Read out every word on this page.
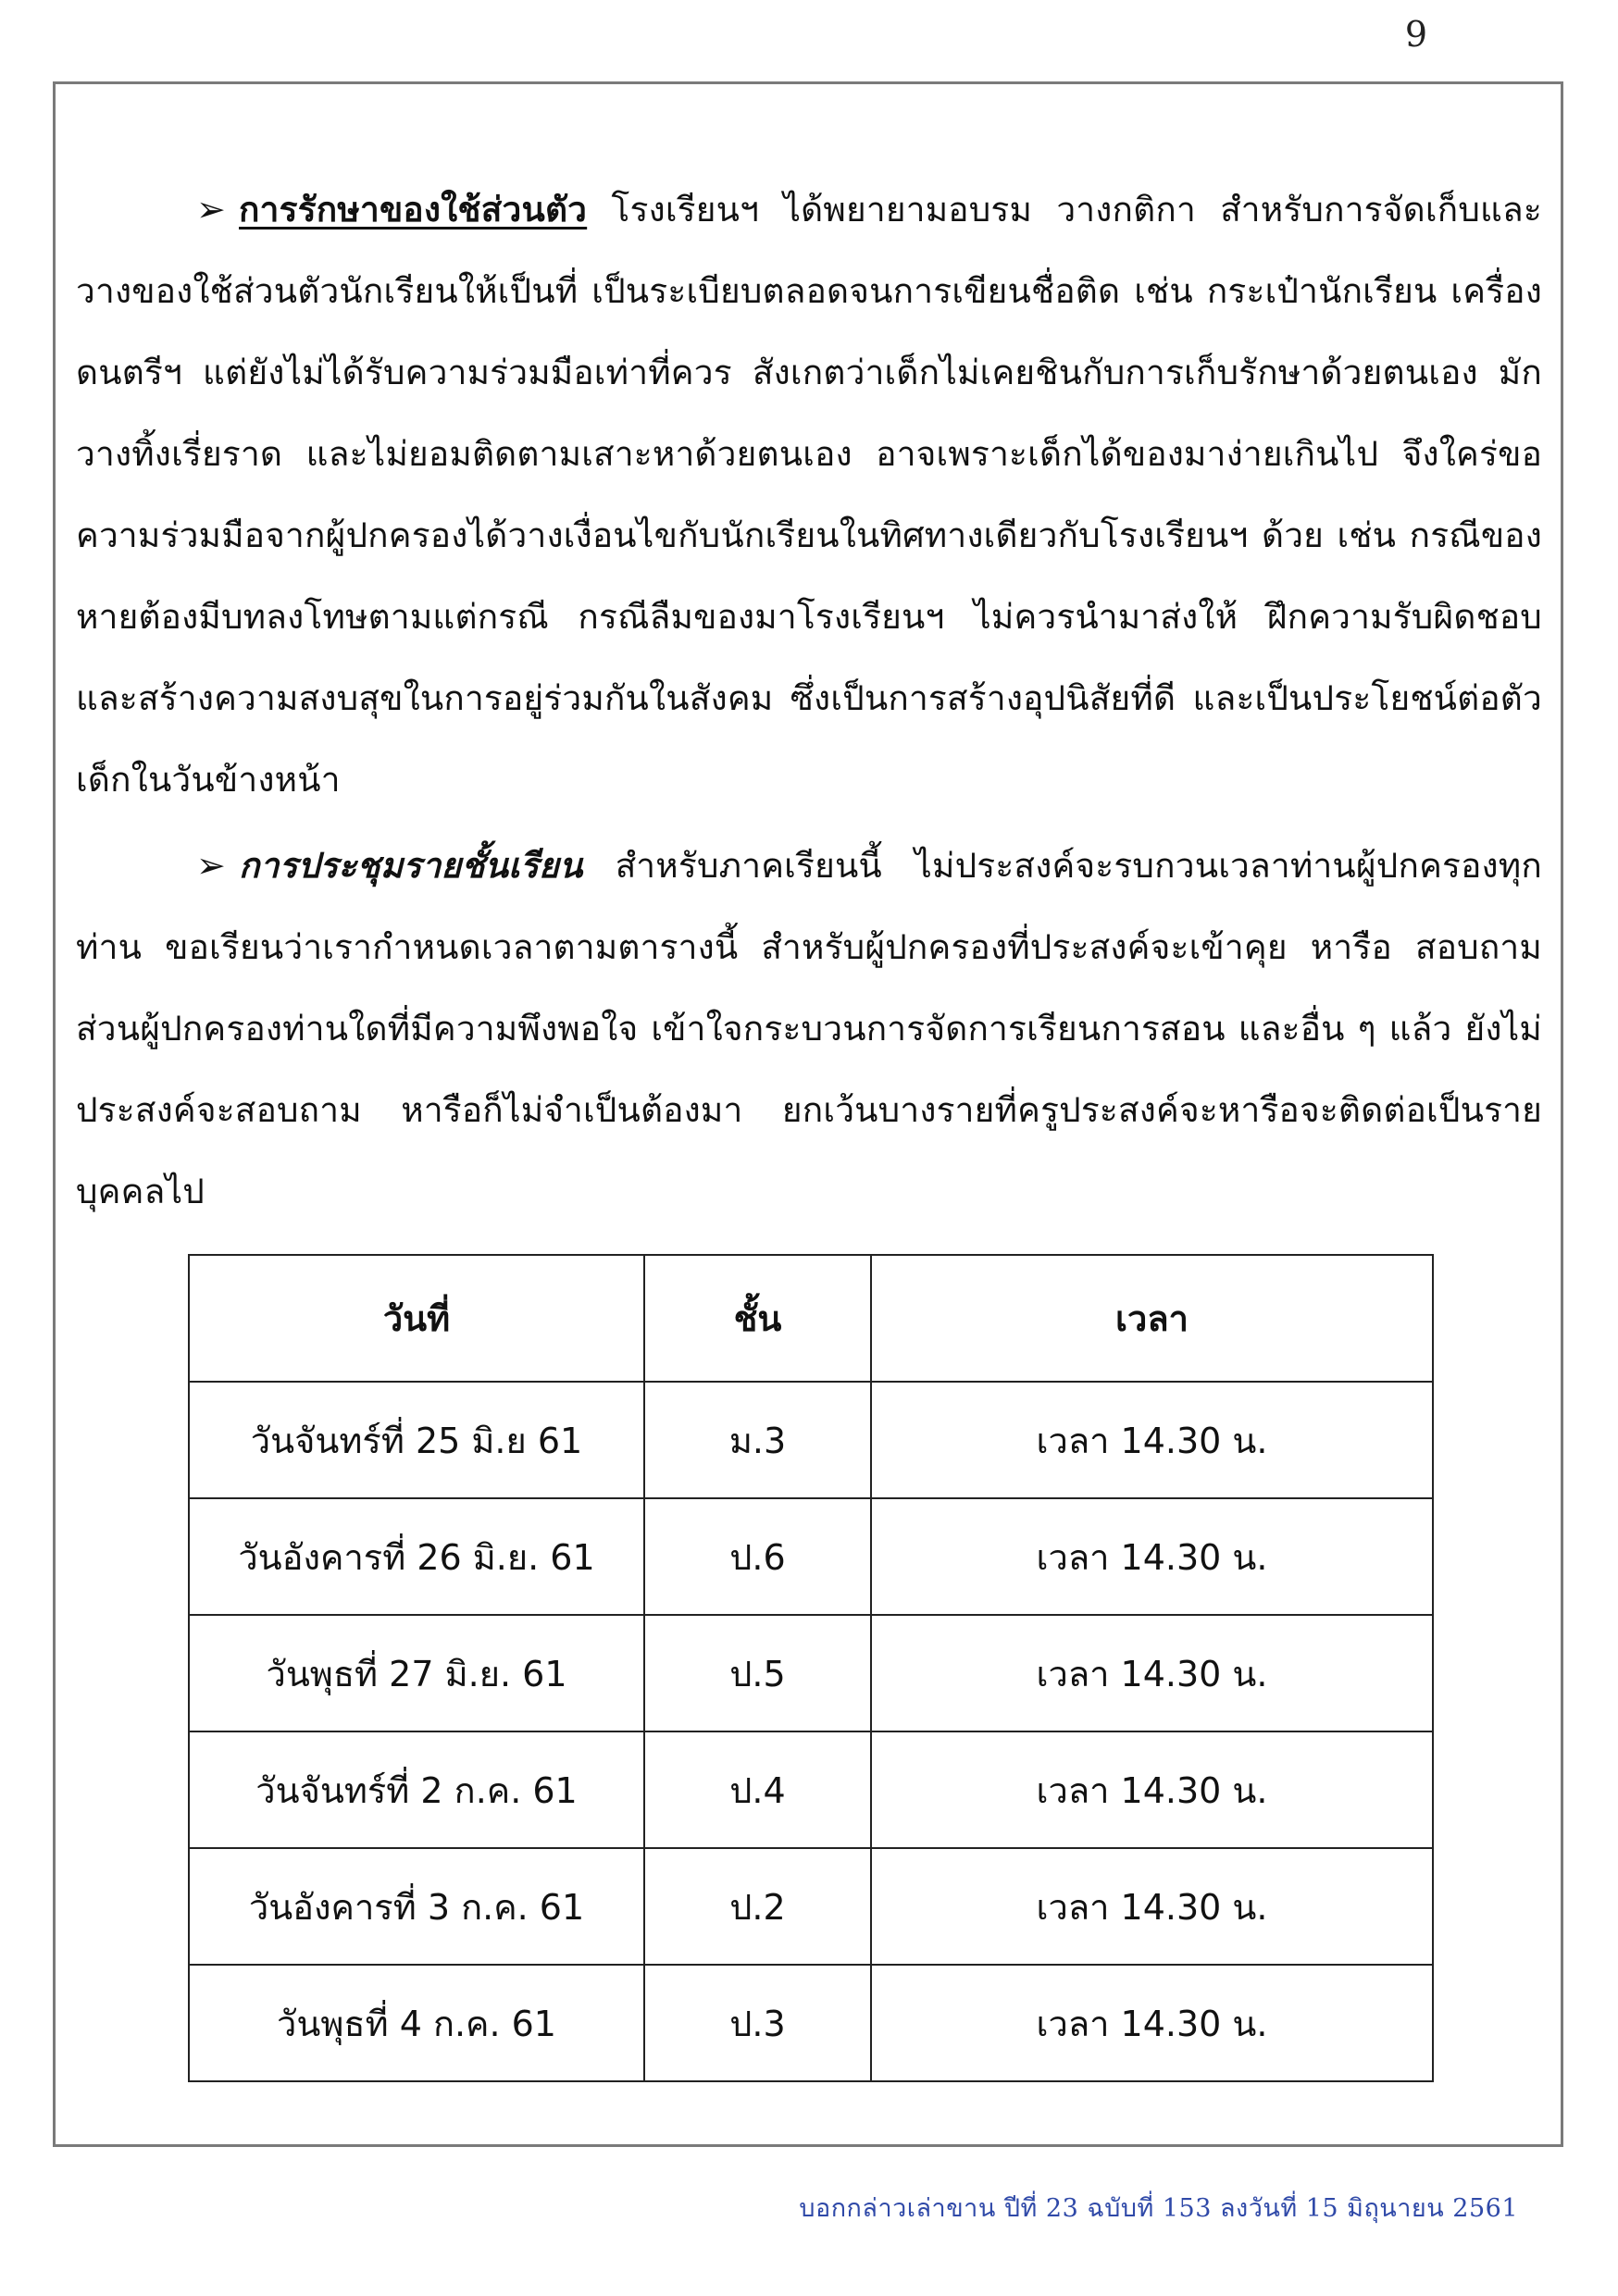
9

➢ การรักษาของใช้ส่วนตัว โรงเรียนฯ ได้พยายามอบรม วางกติกา สำหรับการจัดเก็บและวางของใช้ส่วนตัวนักเรียนให้เป็นที่ เป็นระเบียบตลอดจนการเขียนชื่อติด เช่น กระเป๋านักเรียน เครื่องดนตรีฯ แต่ยังไม่ได้รับความร่วมมือเท่าที่ควร สังเกตว่าเด็กไม่เคยชินกับการเก็บรักษาด้วยตนเอง มักวางทิ้งเรี่ยราด และไม่ยอมติดตามเสาะหาด้วยตนเอง อาจเพราะเด็กได้ของมาง่ายเกินไป จึงใคร่ขอความร่วมมือจากผู้ปกครองได้วางเงื่อนไขกับนักเรียนในทิศทางเดียวกับโรงเรียนฯ ด้วย เช่น กรณีของหายต้องมีบทลงโทษตามแต่กรณี กรณีลืมของมาโรงเรียนฯ ไม่ควรนำมาส่งให้ ฝึกความรับผิดชอบ และสร้างความสงบสุขในการอยู่ร่วมกันในสังคม ซึ่งเป็นการสร้างอุปนิสัยที่ดี และเป็นประโยชน์ต่อตัวเด็กในวันข้างหน้า

➢ การประชุมรายชั้นเรียน สำหรับภาคเรียนนี้ ไม่ประสงค์จะรบกวนเวลาท่านผู้ปกครองทุกท่าน ขอเรียนว่าเรากำหนดเวลาตามตารางนี้ สำหรับผู้ปกครองที่ประสงค์จะเข้าคุย หารือ สอบถาม ส่วนผู้ปกครองท่านใดที่มีความพึงพอใจ เข้าใจกระบวนการจัดการเรียนการสอน และอื่น ๆ แล้ว ยังไม่ประสงค์จะสอบถาม หารือก็ไม่จำเป็นต้องมา ยกเว้นบางรายที่ครูประสงค์จะหารือจะติดต่อเป็นรายบุคคลไป

วันที่	ชั้น	เวลา
วันจันทร์ที่ 25 มิ.ย 61	ม.3	เวลา 14.30 น.
วันอังคารที่ 26 มิ.ย. 61	ป.6	เวลา 14.30 น.
วันพุธที่ 27 มิ.ย. 61	ป.5	เวลา 14.30 น.
วันจันทร์ที่ 2 ก.ค. 61	ป.4	เวลา 14.30 น.
วันอังคารที่ 3 ก.ค. 61	ป.2	เวลา 14.30 น.
วันพุธที่ 4 ก.ค. 61	ป.3	เวลา 14.30 น.
บอกกล่าวเล่าขาน ปีที่ 23 ฉบับที่ 153 ลงวันที่ 15 มิถุนายน 2561
